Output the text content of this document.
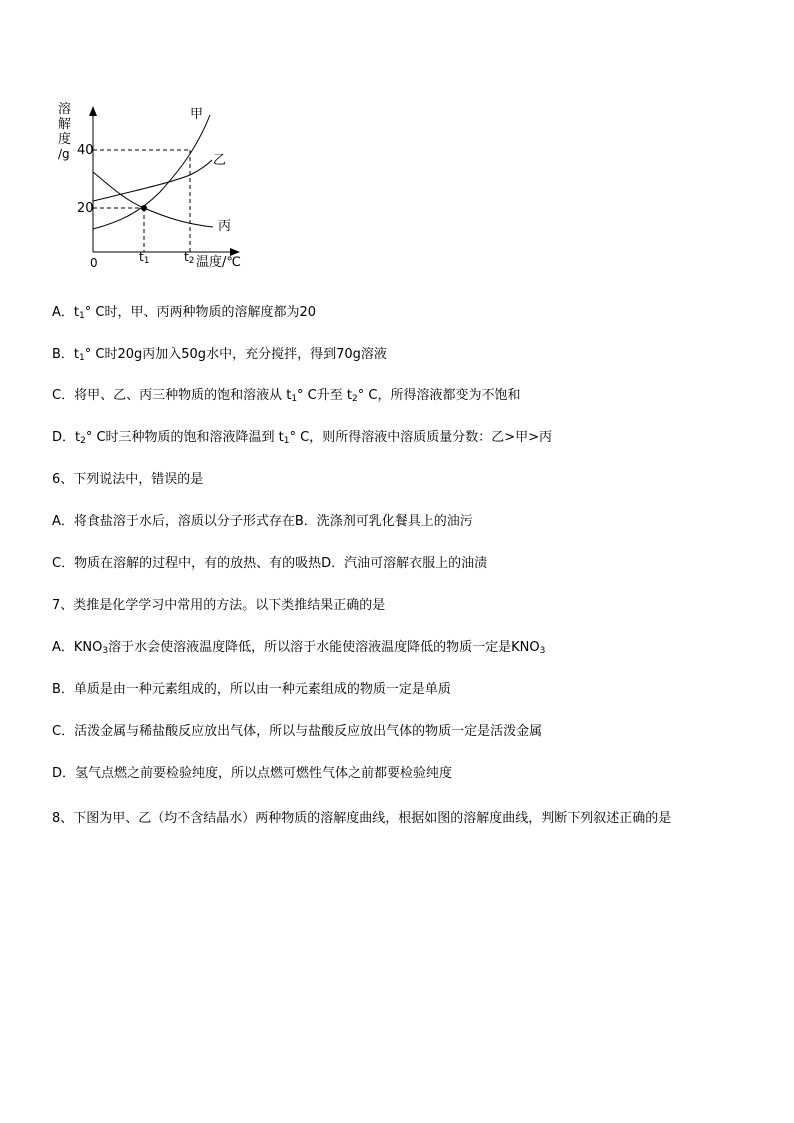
溶
解
度
/g 40
20
0	$t_1$	$t_2$ 温度/℃
甲
乙
丙
A．$t_1^\circ$ C时，甲、丙两种物质的溶解度都为20
B．$t_1^\circ$ C时20g丙加入50g水中，充分搅拌，得到70g溶液
C．将甲、乙、丙三种物质的饱和溶液从 $t_1^\circ$ C升至 $t_2^\circ$ C，所得溶液都变为不饱和
D．$t_2^\circ$ C时三种物质的饱和溶液降温到 $t_1^\circ$ C，则所得溶液中溶质质量分数：乙>甲>丙
6、下列说法中，错误的是
A．将食盐溶于水后，溶质以分子形式存在B．洗涤剂可乳化餐具上的油污
C．物质在溶解的过程中，有的放热、有的吸热D．汽油可溶解衣服上的油渍
7、类推是化学学习中常用的方法。以下类推结果正确的是
A．$KNO_3$溶于水会使溶液温度降低，所以溶于水能使溶液温度降低的物质一定是$KNO_3$
B．单质是由一种元素组成的，所以由一种元素组成的物质一定是单质
C．活泼金属与稀盐酸反应放出气体，所以与盐酸反应放出气体的物质一定是活泼金属
D．氢气点燃之前要检验纯度，所以点燃可燃性气体之前都要检验纯度
8、下图为甲、乙（均不含结晶水）两种物质的溶解度曲线，根据如图的溶解度曲线，判断下列叙述正确的是
